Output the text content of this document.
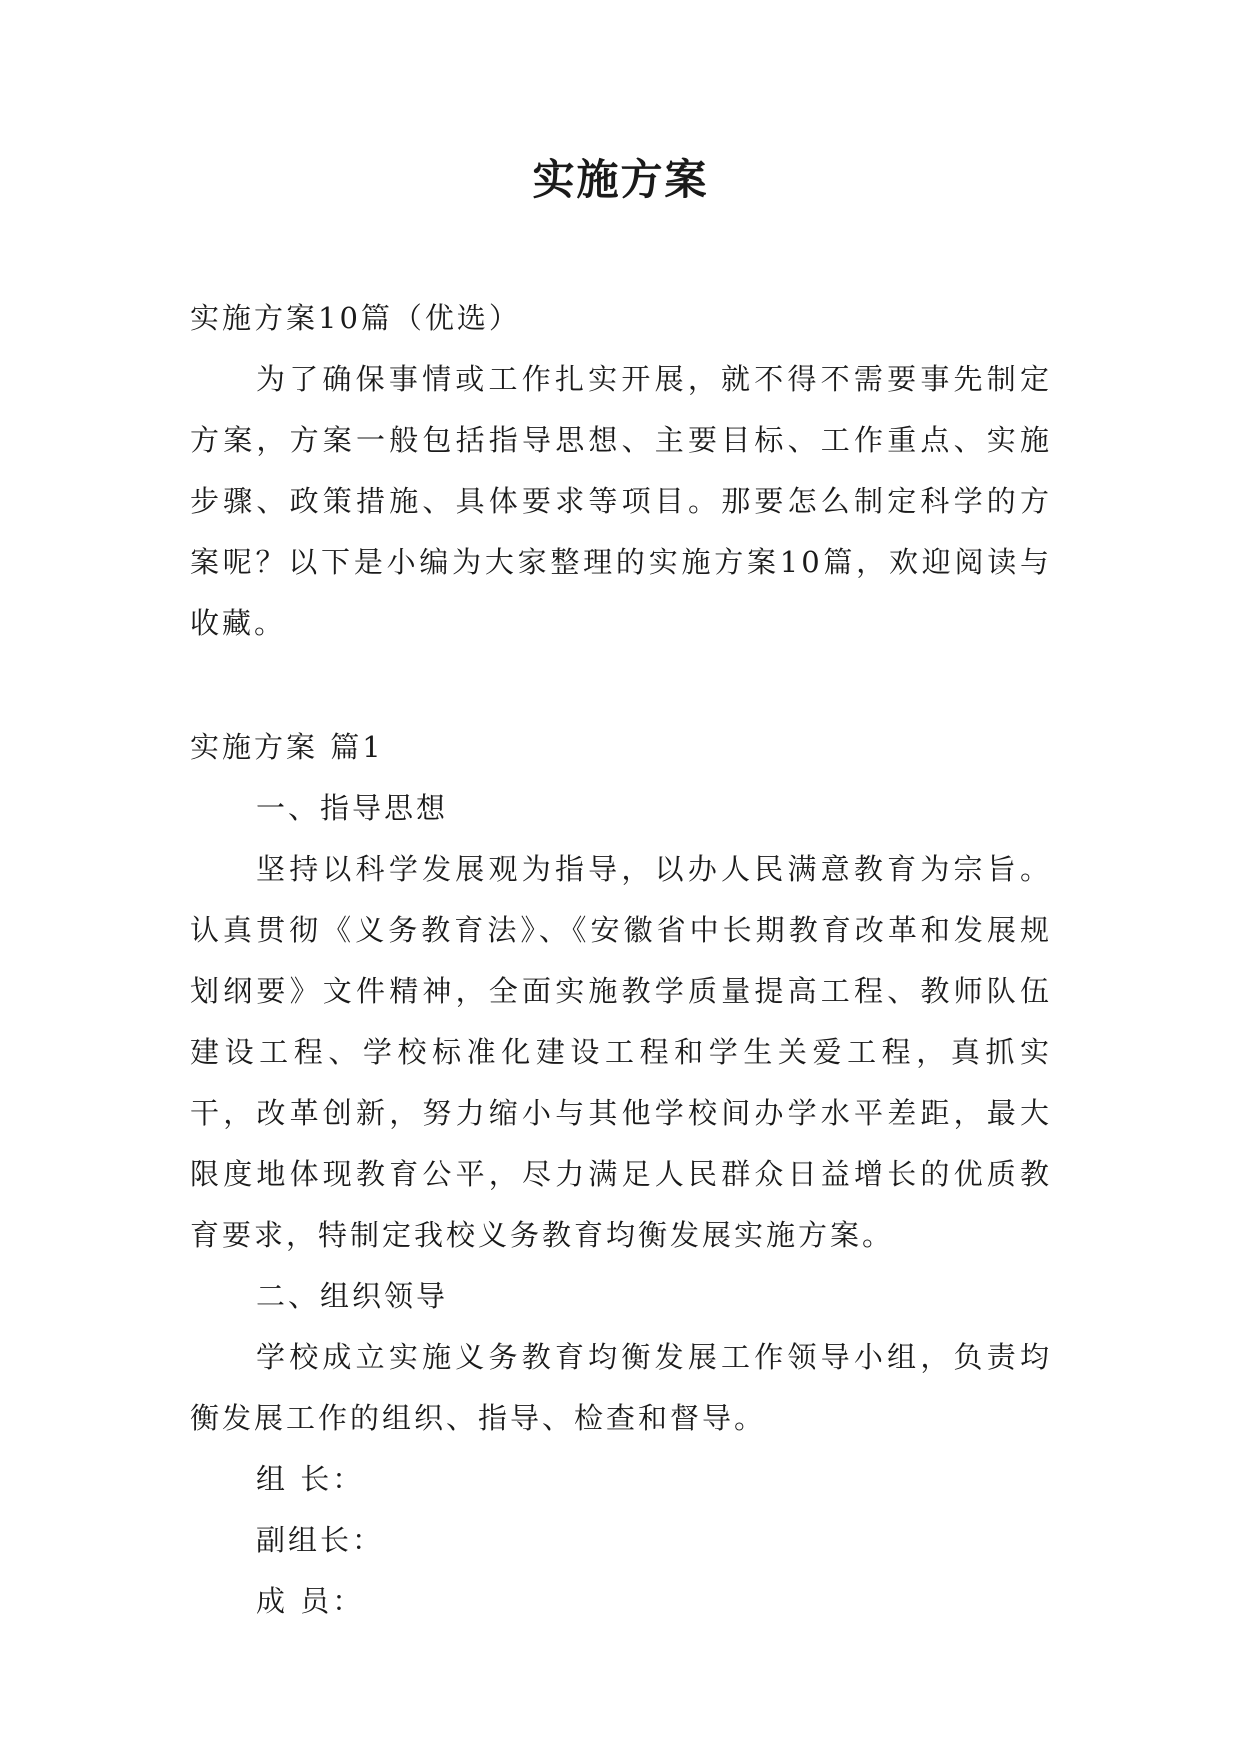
实施方案

实施方案10篇（优选）

为了确保事情或工作扎实开展，就不得不需要事先制定方案，方案一般包括指导思想、主要目标、工作重点、实施步骤、政策措施、具体要求等项目。那要怎么制定科学的方案呢？以下是小编为大家整理的实施方案10篇，欢迎阅读与收藏。

实施方案 篇1

一、指导思想

坚持以科学发展观为指导，以办人民满意教育为宗旨。认真贯彻《义务教育法》、《安徽省中长期教育改革和发展规划纲要》文件精神，全面实施教学质量提高工程、教师队伍建设工程、学校标准化建设工程和学生关爱工程，真抓实干，改革创新，努力缩小与其他学校间办学水平差距，最大限度地体现教育公平，尽力满足人民群众日益增长的优质教育要求，特制定我校义务教育均衡发展实施方案。

二、组织领导

学校成立实施义务教育均衡发展工作领导小组，负责均衡发展工作的组织、指导、检查和督导。

组 长：

副组长：

成 员：
